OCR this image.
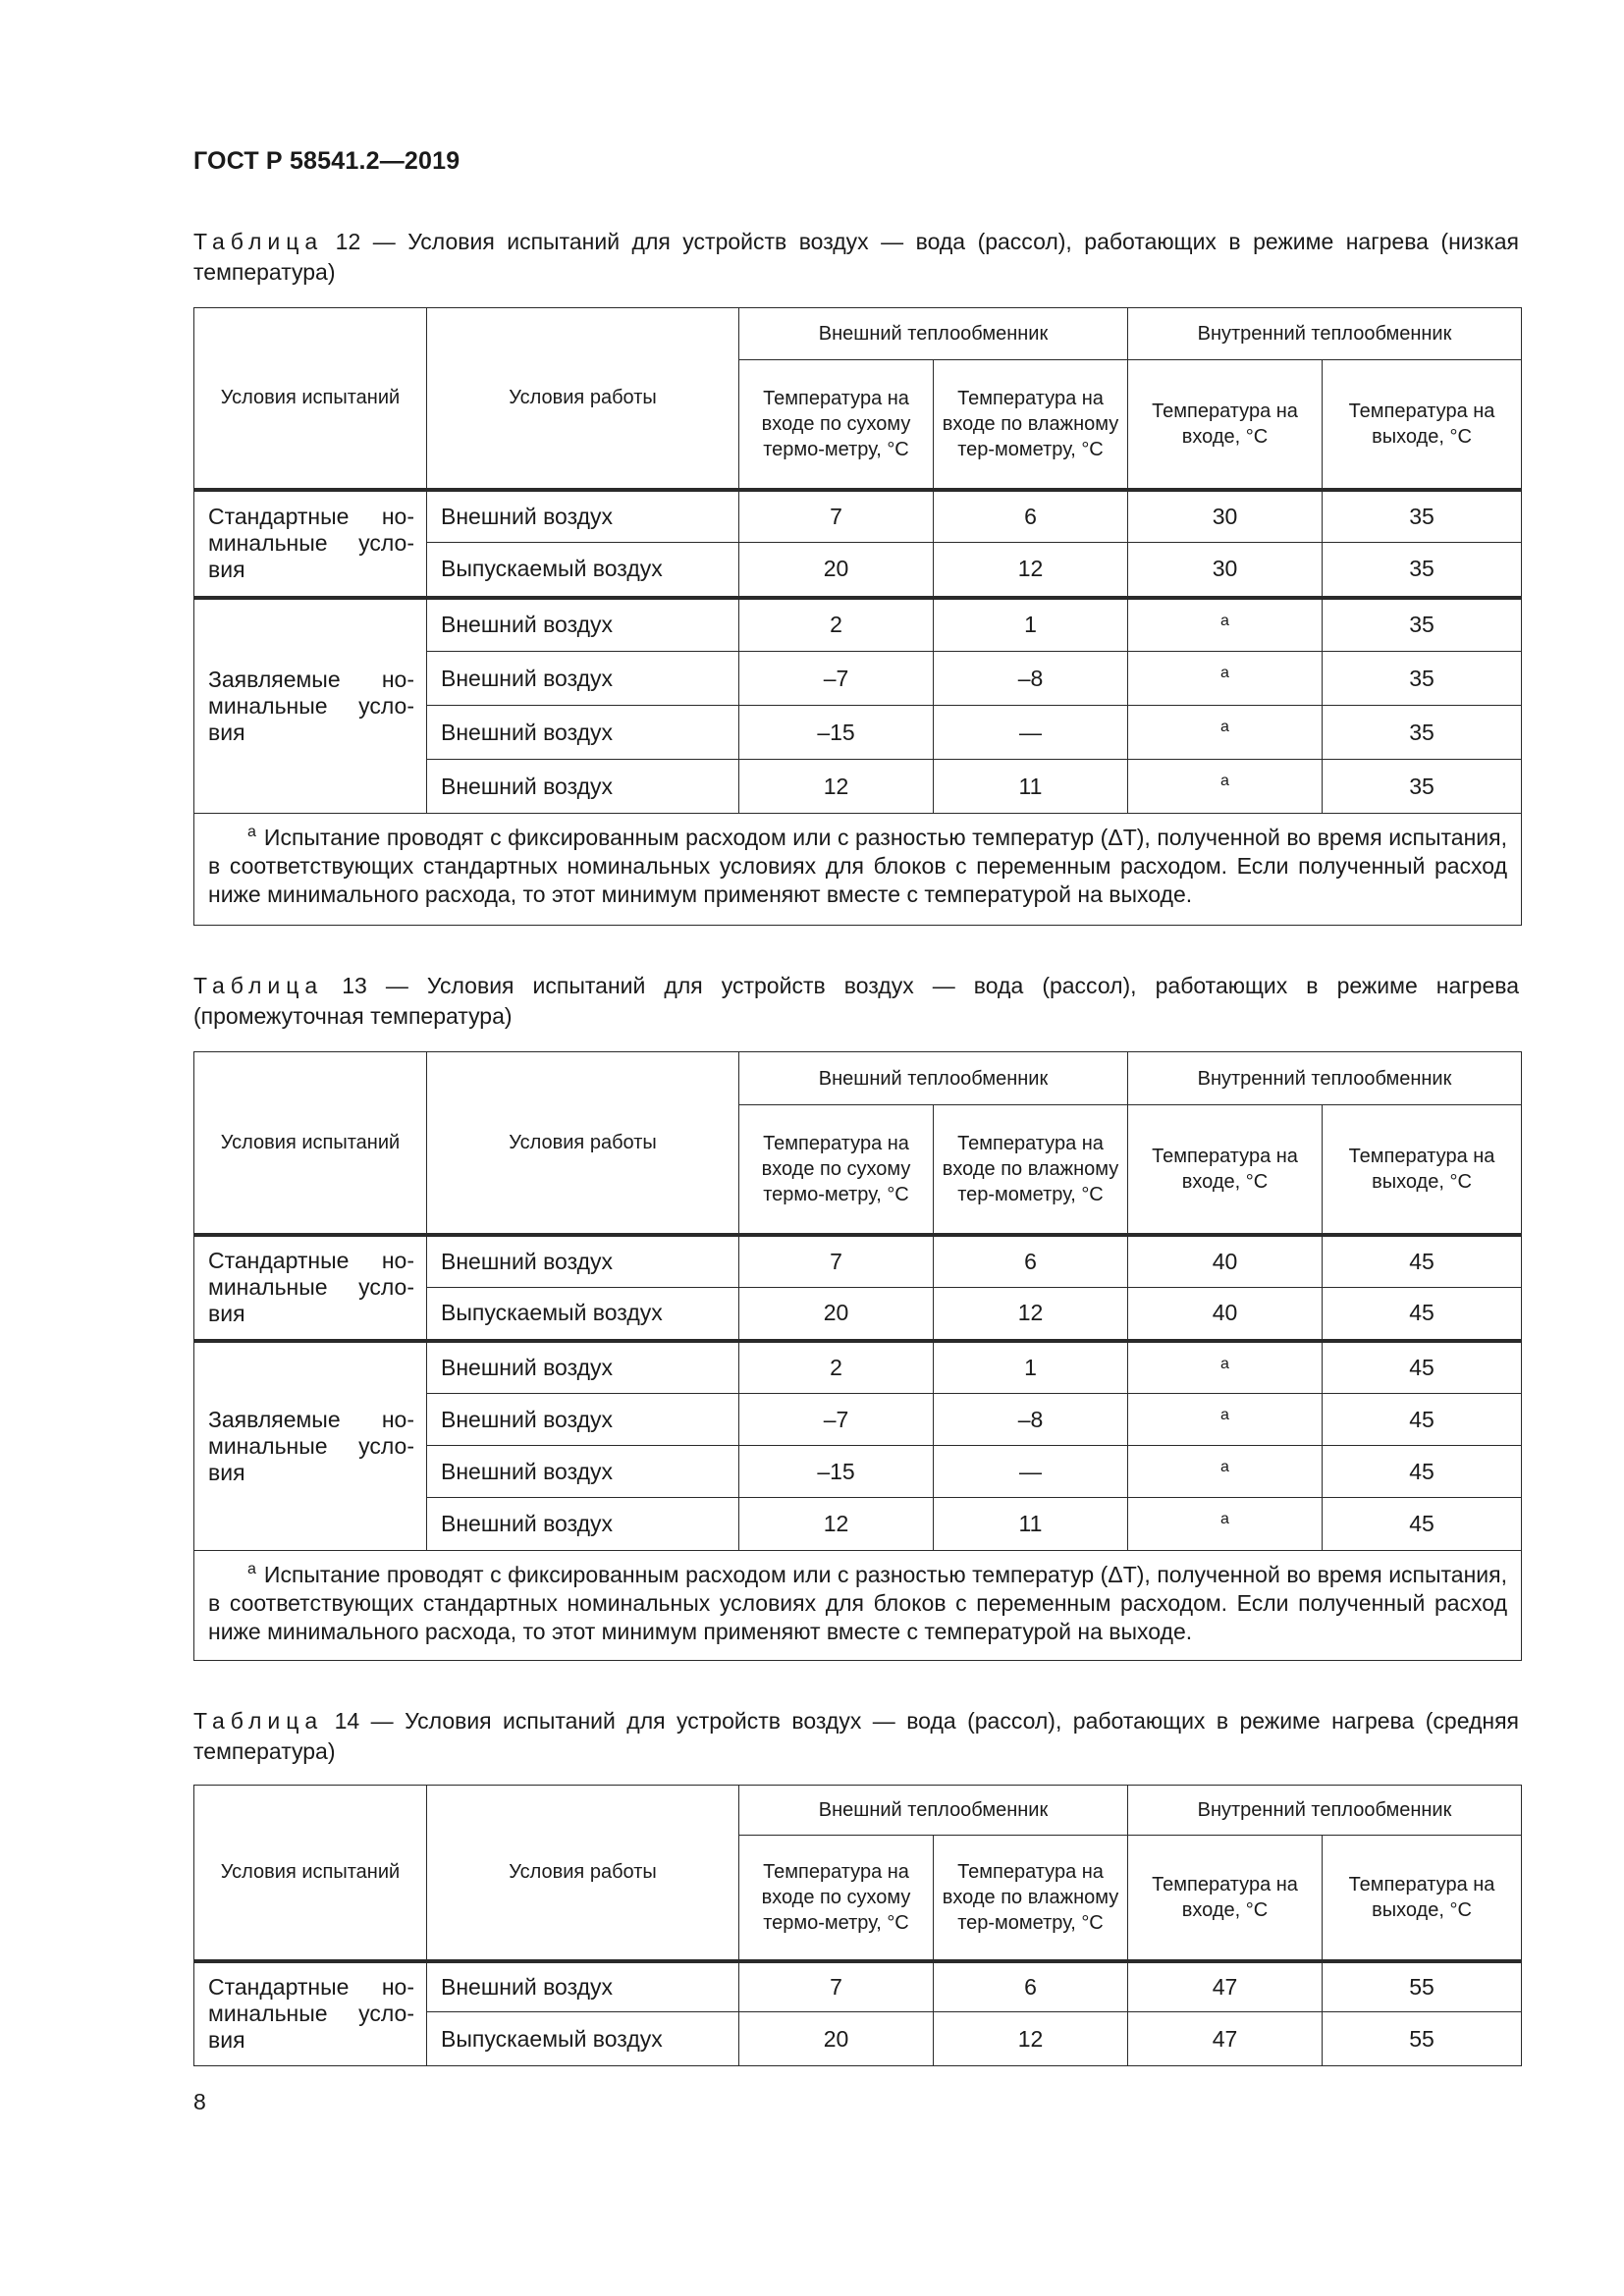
ГОСТ Р 58541.2—2019
Таблица 12 — Условия испытаний для устройств воздух — вода (рассол), работающих в режиме нагрева (низкая температура)
Условия испытаний	Условия работы	Внешний теплообменник		Внутренний теплообменник	
		Температура на входе по сухому термо-метру, °C	Температура на входе по влажному тер-мометру, °C	Температура на входе, °C	Температура на выходе, °C
Стандартные но-минальные усло-вия	Внешний воздух	7	6	30	35
	Выпускаемый воздух	20	12	30	35
Заявляемые но-минальные усло-вия	Внешний воздух	2	1	a	35
	Внешний воздух	–7	–8	a	35
	Внешний воздух	–15	—	a	35
	Внешний воздух	12	11	a	35
$^a$ Испытание проводят с фиксированным расходом или с разностью температур (ΔT), полученной во время испытания, в соответствующих стандартных номинальных условиях для блоков с переменным расходом. Если полученный расход ниже минимального расхода, то этот минимум применяют вместе с температурой на выходе.					
Таблица 13 — Условия испытаний для устройств воздух — вода (рассол), работающих в режиме нагрева (промежуточная температура)
Условия испытаний	Условия работы	Внешний теплообменник		Внутренний теплообменник	
		Температура на входе по сухому термо-метру, °C	Температура на входе по влажному тер-мометру, °C	Температура на входе, °C	Температура на выходе, °C
Стандартные но-минальные усло-вия	Внешний воздух	7	6	40	45
	Выпускаемый воздух	20	12	40	45
Заявляемые но-минальные усло-вия	Внешний воздух	2	1	a	45
	Внешний воздух	–7	–8	a	45
	Внешний воздух	–15	—	a	45
	Внешний воздух	12	11	a	45
$^a$ Испытание проводят с фиксированным расходом или с разностью температур (ΔT), полученной во время испытания, в соответствующих стандартных номинальных условиях для блоков с переменным расходом. Если полученный расход ниже минимального расхода, то этот минимум применяют вместе с температурой на выходе.					
Таблица 14 — Условия испытаний для устройств воздух — вода (рассол), работающих в режиме нагрева (средняя температура)
Условия испытаний	Условия работы	Внешний теплообменник		Внутренний теплообменник	
		Температура на входе по сухому термо-метру, °C	Температура на входе по влажному тер-мометру, °C	Температура на входе, °C	Температура на выходе, °C
Стандартные но-минальные усло-вия	Внешний воздух	7	6	47	55
	Выпускаемый воздух	20	12	47	55
8
